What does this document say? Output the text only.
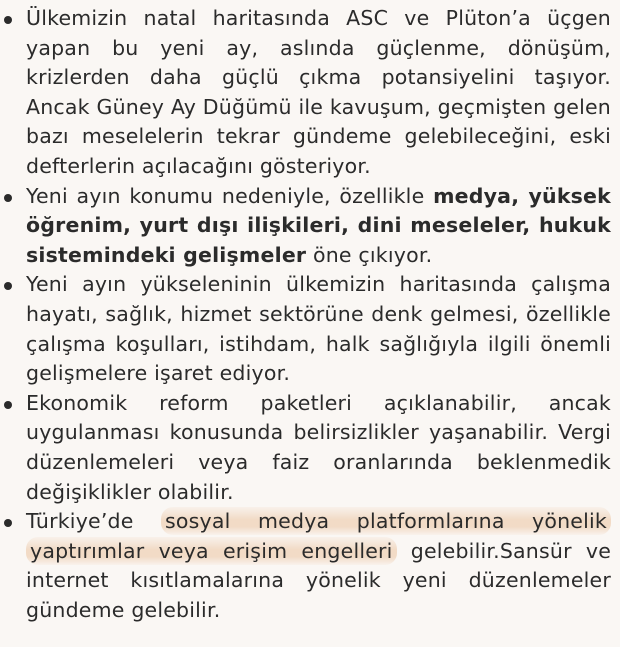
Ülkemizin natal haritasında ASC ve Plüton’a üçgen yapan bu yeni ay, aslında güçlenme, dönüşüm, krizlerden daha güçlü çıkma potansiyelini taşıyor. Ancak Güney Ay Düğümü ile kavuşum, geçmişten gelen bazı meselelerin tekrar gündeme gelebileceğini, eski defterlerin açılacağını gösteriyor.
Yeni ayın konumu nedeniyle, özellikle medya, yüksek öğrenim, yurt dışı ilişkileri, dini meseleler, hukuk sistemindeki gelişmeler öne çıkıyor.
Yeni ayın yükseleninin ülkemizin haritasında çalışma hayatı, sağlık, hizmet sektörüne denk gelmesi, özellikle çalışma koşulları, istihdam, halk sağlığıyla ilgili önemli gelişmelere işaret ediyor.
Ekonomik reform paketleri açıklanabilir, ancak uygulanması konusunda belirsizlikler yaşanabilir. Vergi düzenlemeleri veya faiz oranlarında beklenmedik değişiklikler olabilir.
Türkiye’de sosyal medya platformlarına yönelik yaptırımlar veya erişim engelleri gelebilir.Sansür ve internet kısıtlamalarına yönelik yeni düzenlemeler gündeme gelebilir.
